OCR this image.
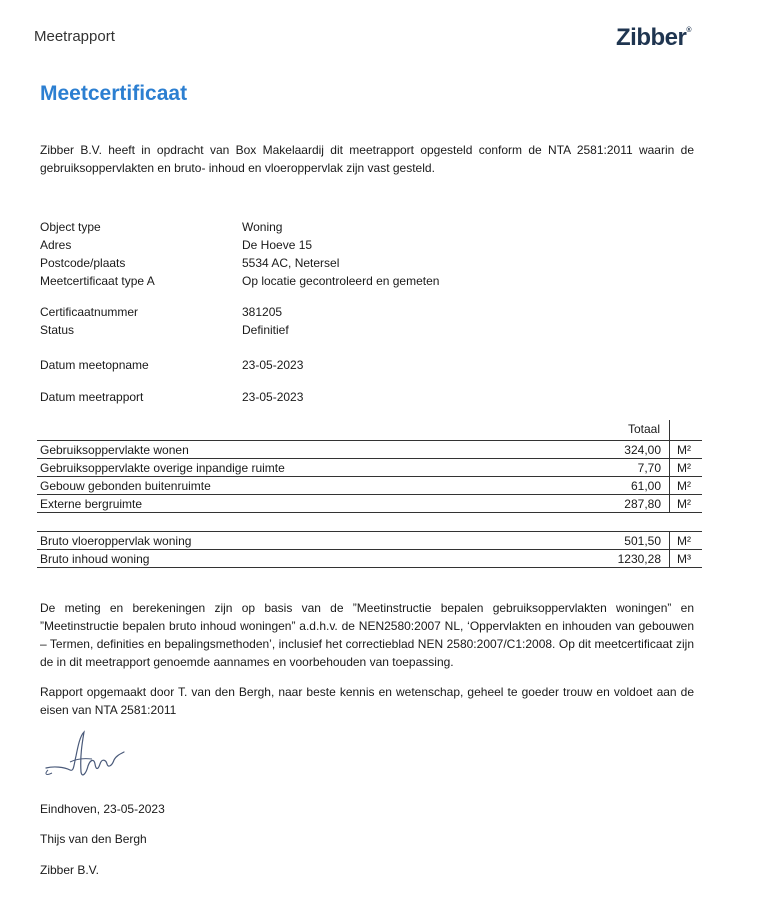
Meetrapport	Zibber®
Meetcertificaat
Zibber B.V. heeft in opdracht van Box Makelaardij dit meetrapport opgesteld conform de NTA 2581:2011 waarin de gebruiksoppervlakten en bruto- inhoud en vloeroppervlak zijn vast gesteld.
Object type	Woning
Adres	De Hoeve 15
Postcode/plaats	5534 AC, Netersel
Meetcertificaat type A	Op locatie gecontroleerd en gemeten
Certificaatnummer	381205
Status	Definitief
Datum meetopname	23-05-2023
Datum meetrapport	23-05-2023
Totaal
Gebruiksoppervlakte wonen	324,00 M²
Gebruiksoppervlakte overige inpandige ruimte	7,70 M²
Gebouw gebonden buitenruimte	61,00 M²
Externe bergruimte	287,80 M²
Bruto vloeroppervlak woning	501,50 M²
Bruto inhoud woning	1230,28 M³
De meting en berekeningen zijn op basis van de ”Meetinstructie bepalen gebruiksoppervlakten woningen” en ”Meetinstructie bepalen bruto inhoud woningen” a.d.h.v. de NEN2580:2007 NL, ‘Oppervlakten en inhouden van gebouwen – Termen, definities en bepalingsmethoden’, inclusief het correctieblad NEN 2580:2007/C1:2008. Op dit meetcertificaat zijn de in dit meetrapport genoemde aannames en voorbehouden van toepassing.
Rapport opgemaakt door T. van den Bergh, naar beste kennis en wetenschap, geheel te goeder trouw en voldoet aan de eisen van NTA 2581:2011
Eindhoven, 23-05-2023
Thijs van den Bergh
Zibber B.V.
